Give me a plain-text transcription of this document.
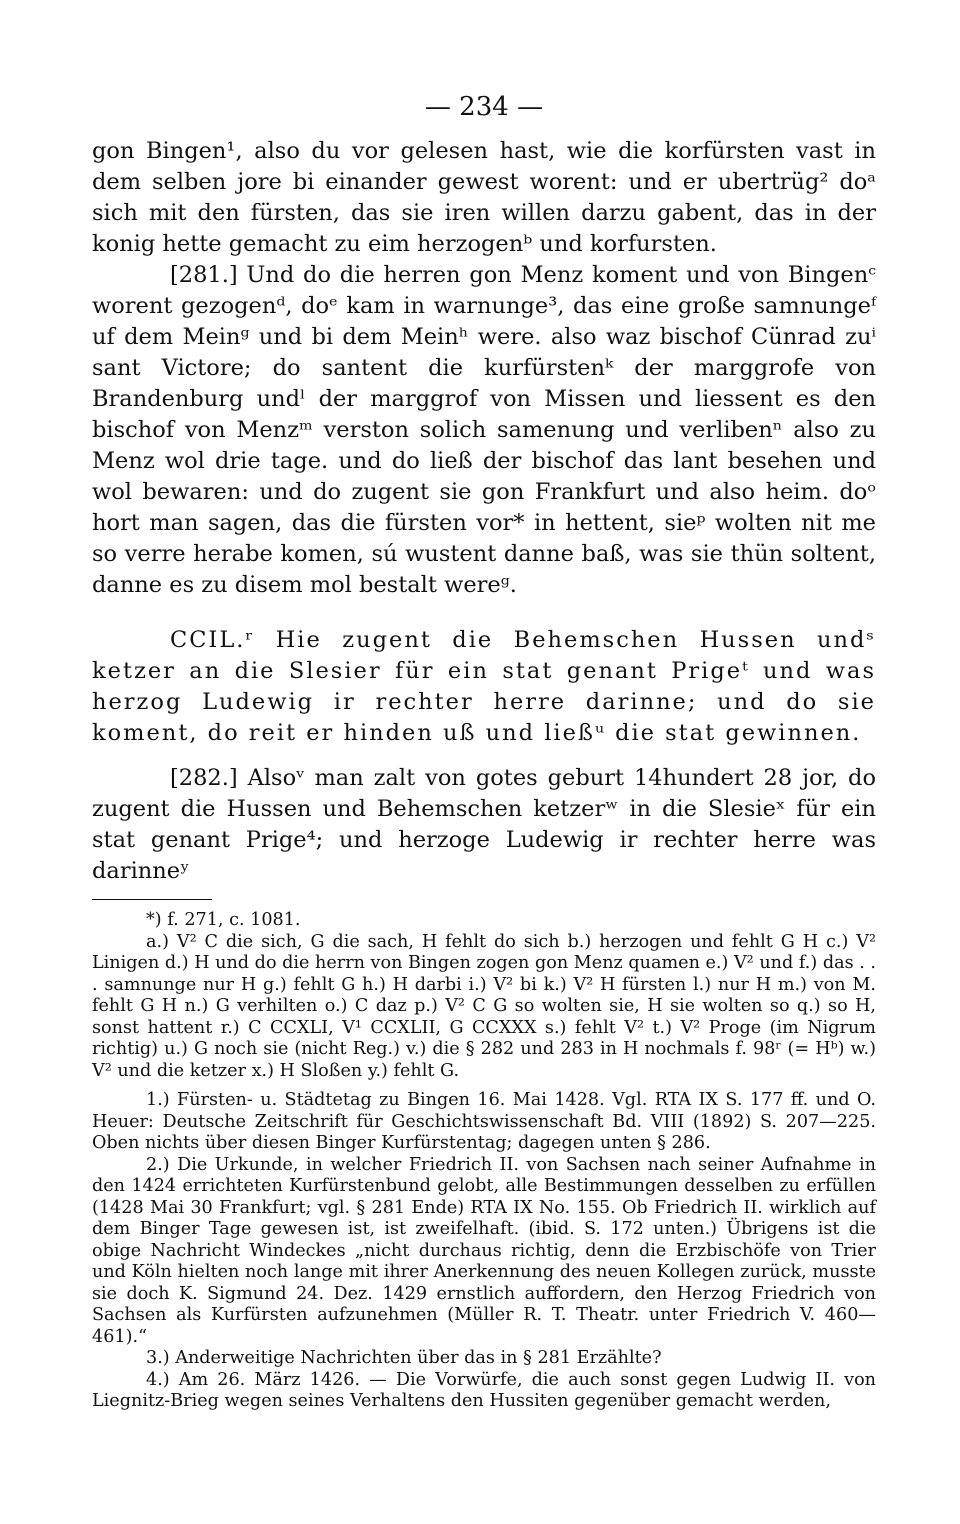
— 234 —

gon Bingen¹, also du vor gelesen hast, wie die korfürsten vast in dem selben jore bi einander gewest worent: und er ubertrüg² doᵃ sich mit den fürsten, das sie iren willen darzu gabent, das in der konig hette gemacht zu eim herzogenᵇ und korfursten.

[281.] Und do die herren gon Menz koment und von Bingenᶜ worent gezogenᵈ, doᵉ kam in warnunge³, das eine große samnungeᶠ uf dem Meinᵍ und bi dem Meinʰ were. also waz bischof Cünrad zuⁱ sant Victore; do santent die kurfürstenᵏ der marggrofe von Brandenburg undˡ der marggrof von Missen und liessent es den bischof von Menzᵐ verston solich samenung und verlibenⁿ also zu Menz wol drie tage. und do ließ der bischof das lant besehen und wol bewaren: und do zugent sie gon Frankfurt und also heim. doᵒ hort man sagen, das die fürsten vor* in hettent, sieᵖ wolten nit me so verre herabe komen, sú wustent danne baß, was sie thün soltent, danne es zu disem mol bestalt wereᵍ.

CCIL.ʳ Hie zugent die Behemschen Hussen undˢ ketzer an die Slesier für ein stat genant Prigeᵗ und was herzog Ludewig ir rechter herre darinne; und do sie koment, do reit er hinden uß und ließᵘ die stat gewinnen.

[282.] Alsoᵛ man zalt von gotes geburt 14hundert 28 jor, do zugent die Hussen und Behemschen ketzerʷ in die Slesieˣ für ein stat genant Prige⁴; und herzoge Ludewig ir rechter herre was darinneʸ

*) f. 271, c. 1081.

a.) V² C die sich, G die sach, H fehlt do sich b.) herzogen und fehlt G H c.) V² Linigen d.) H und do die herrn von Bingen zogen gon Menz quamen e.) V² und f.) das . . . samnunge nur H g.) fehlt G h.) H darbi i.) V² bi k.) V² H fürsten l.) nur H m.) von M. fehlt G H n.) G verhilten o.) C daz p.) V² C G so wolten sie, H sie wolten so q.) so H, sonst hattent r.) C CCXLI, V¹ CCXLII, G CCXXX s.) fehlt V² t.) V² Proge (im Nigrum richtig) u.) G noch sie (nicht Reg.) v.) die § 282 und 283 in H nochmals f. 98ʳ (= Hᵇ) w.) V² und die ketzer x.) H Sloßen y.) fehlt G.

1.) Fürsten- u. Städtetag zu Bingen 16. Mai 1428. Vgl. RTA IX S. 177 ff. und O. Heuer: Deutsche Zeitschrift für Geschichtswissenschaft Bd. VIII (1892) S. 207—225. Oben nichts über diesen Binger Kurfürstentag; dagegen unten § 286.

2.) Die Urkunde, in welcher Friedrich II. von Sachsen nach seiner Aufnahme in den 1424 errichteten Kurfürstenbund gelobt, alle Bestimmungen desselben zu erfüllen (1428 Mai 30 Frankfurt; vgl. § 281 Ende) RTA IX No. 155. Ob Friedrich II. wirklich auf dem Binger Tage gewesen ist, ist zweifelhaft. (ibid. S. 172 unten.) Übrigens ist die obige Nachricht Windeckes „nicht durchaus richtig, denn die Erzbischöfe von Trier und Köln hielten noch lange mit ihrer Anerkennung des neuen Kollegen zurück, musste sie doch K. Sigmund 24. Dez. 1429 ernstlich auffordern, den Herzog Friedrich von Sachsen als Kurfürsten aufzunehmen (Müller R. T. Theatr. unter Friedrich V. 460—461).“

3.) Anderweitige Nachrichten über das in § 281 Erzählte?

4.) Am 26. März 1426. — Die Vorwürfe, die auch sonst gegen Ludwig II. von Liegnitz-Brieg wegen seines Verhaltens den Hussiten gegenüber gemacht werden,
